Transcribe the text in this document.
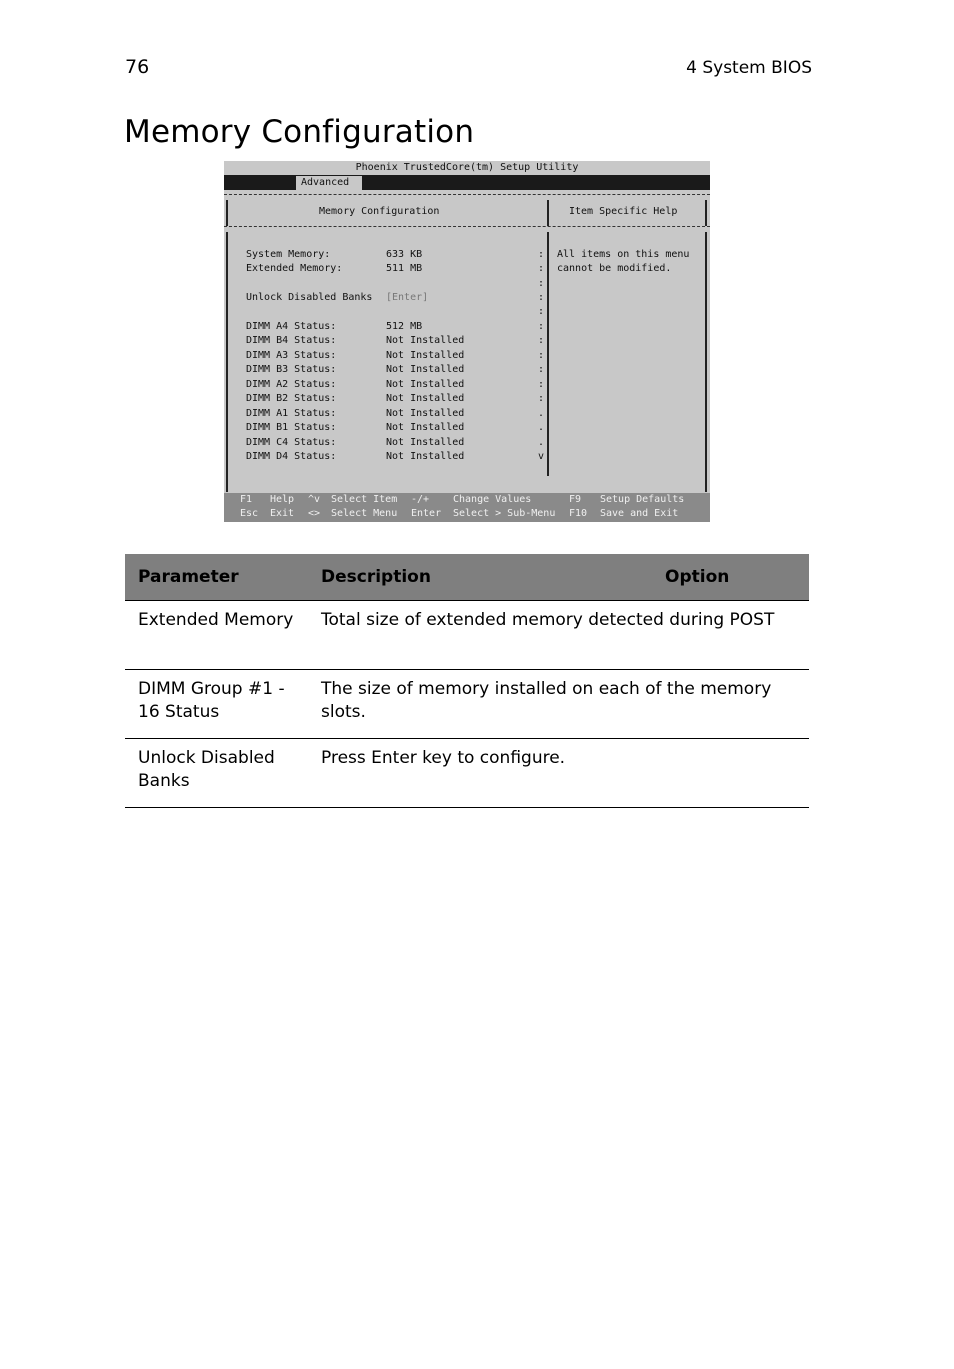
76	4 System BIOS
Memory Configuration
Phoenix TrustedCore(tm) Setup Utility
Advanced
Memory Configuration	Item Specific Help
System Memory:	633 KB
Extended Memory:	511 MB
Unlock Disabled Banks [Enter]
DIMM A4 Status:	512 MB
DIMM B4 Status:	Not Installed
DIMM A3 Status:	Not Installed
DIMM B3 Status:	Not Installed
DIMM A2 Status:	Not Installed
DIMM B2 Status:	Not Installed
DIMM A1 Status:	Not Installed
DIMM B1 Status:	Not Installed
DIMM C4 Status:	Not Installed
DIMM D4 Status:	Not Installed
All items on this menu
cannot be modified.
:
:
:
:
:
:
:
:
:
:
:
.
.
.
v
F1 Help ^v Select Item -/+ Change Values	F9 Setup Defaults
Esc Exit <> Select Menu Enter Select > Sub-Menu F10 Save and Exit
Parameter	Description	Option
Extended Memory	Total size of extended memory detected during POST	
DIMM Group #1 - 16 Status	The size of memory installed on each of the memory slots.	
Unlock Disabled Banks	Press Enter key to configure.	
